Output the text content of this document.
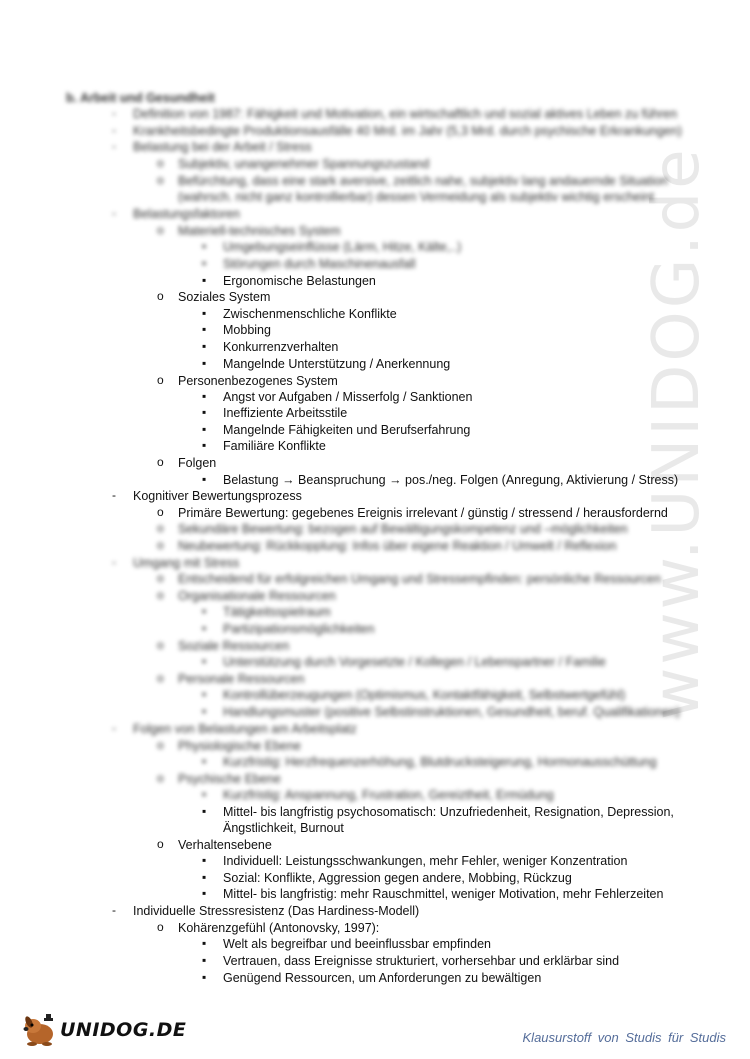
www.UNIDOG.de
b. Arbeit und Gesundheit
- Definition von 1987: Fähigkeit und Motivation, ein wirtschaftlich und sozial aktives Leben zu führen
- Krankheitsbedingte Produktionsausfälle 40 Mrd. im Jahr (5,3 Mrd. durch psychische Erkrankungen)
- Belastung bei der Arbeit / Stress
o Subjektiv, unangenehmer Spannungszustand
o Befürchtung, dass eine stark aversive, zeitlich nahe, subjektiv lang andauernde Situation
(wahrsch. nicht ganz kontrollierbar) dessen Vermeidung als subjektiv wichtig erscheint
- Belastungsfaktoren
o Materiell-technisches System
▪ Umgebungseinflüsse (Lärm, Hitze, Kälte,..)
▪ Störungen durch Maschinenausfall
▪ Ergonomische Belastungen
o Soziales System
▪ Zwischenmenschliche Konflikte
▪ Mobbing
▪ Konkurrenzverhalten
▪ Mangelnde Unterstützung / Anerkennung
o Personenbezogenes System
▪ Angst vor Aufgaben / Misserfolg / Sanktionen
▪ Ineffiziente Arbeitsstile
▪ Mangelnde Fähigkeiten und Berufserfahrung
▪ Familiäre Konflikte
o Folgen
▪ Belastung → Beanspruchung → pos./neg. Folgen (Anregung, Aktivierung / Stress)
- Kognitiver Bewertungsprozess
o Primäre Bewertung: gegebenes Ereignis irrelevant / günstig / stressend / herausfordernd
o Sekundäre Bewertung: bezogen auf Bewältigungskompetenz und –möglichkeiten
o Neubewertung: Rückkopplung: Infos über eigene Reaktion / Umwelt / Reflexion
- Umgang mit Stress
o Entscheidend für erfolgreichen Umgang und Stressempfinden: persönliche Ressourcen
o Organisationale Ressourcen
▪ Tätigkeitsspielraum
▪ Partizipationsmöglichkeiten
o Soziale Ressourcen
▪ Unterstützung durch Vorgesetzte / Kollegen / Lebenspartner / Familie
o Personale Ressourcen
▪ Kontrollüberzeugungen (Optimismus, Kontaktfähigkeit, Selbstwertgefühl)
▪ Handlungsmuster (positive Selbstinstruktionen, Gesundheit, beruf. Qualifikationen)
- Folgen von Belastungen am Arbeitsplatz
o Physiologische Ebene
▪ Kurzfristig: Herzfrequenzerhöhung, Blutdrucksteigerung, Hormonausschüttung
o Psychische Ebene
▪ Kurzfristig: Anspannung, Frustration, Gereiztheit, Ermüdung
▪ Mittel- bis langfristig psychosomatisch: Unzufriedenheit, Resignation, Depression,
Ängstlichkeit, Burnout
o Verhaltensebene
▪ Individuell: Leistungsschwankungen, mehr Fehler, weniger Konzentration
▪ Sozial: Konflikte, Aggression gegen andere, Mobbing, Rückzug
▪ Mittel- bis langfristig: mehr Rauschmittel, weniger Motivation, mehr Fehlerzeiten
- Individuelle Stressresistenz (Das Hardiness-Modell)
o Kohärenzgefühl (Antonovsky, 1997):
▪ Welt als begreifbar und beeinflussbar empfinden
▪ Vertrauen, dass Ereignisse strukturiert, vorhersehbar und erklärbar sind
▪ Genügend Ressourcen, um Anforderungen zu bewältigen
UNIDOG.DE	Klausurstoff von Studis für Studis
